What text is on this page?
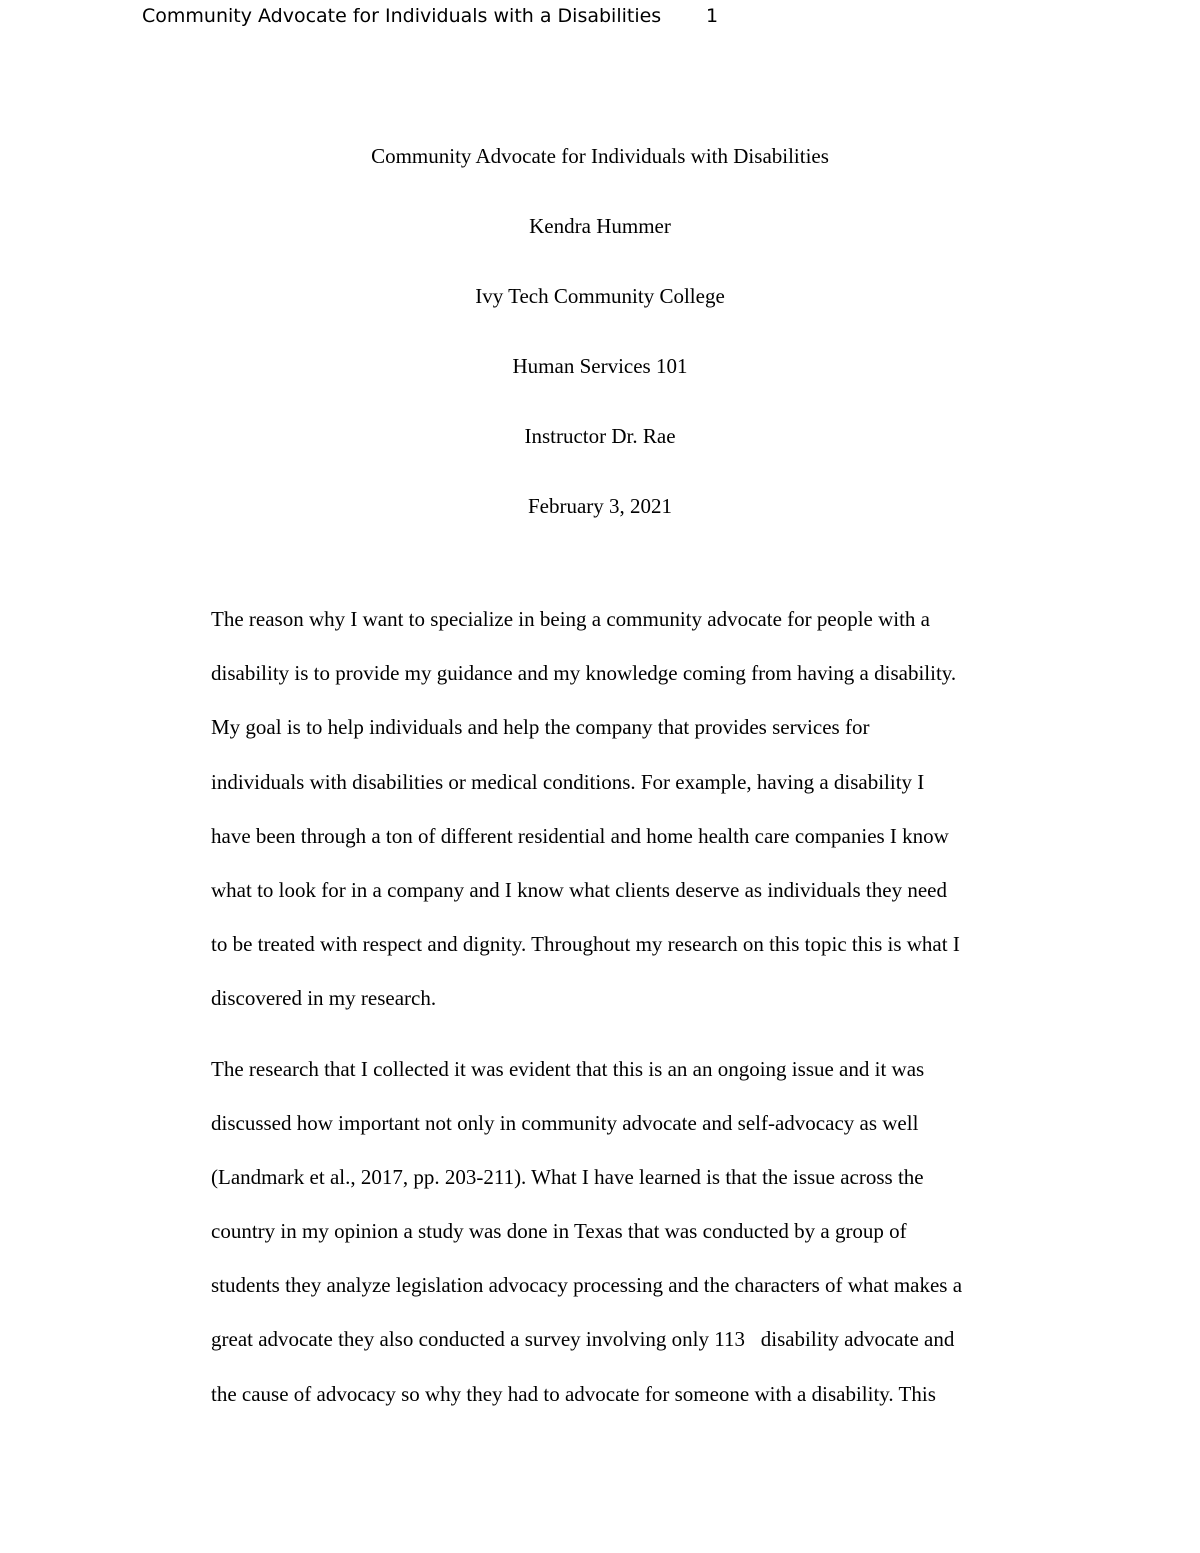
Community Advocate for Individuals with a Disabilities 1
Community Advocate for Individuals with Disabilities
Kendra Hummer
Ivy Tech Community College
Human Services 101
Instructor Dr. Rae
February 3, 2021
The reason why I want to specialize in being a community advocate for people with a
disability is to provide my guidance and my knowledge coming from having a disability.
My goal is to help individuals and help the company that provides services for
individuals with disabilities or medical conditions. For example, having a disability I
have been through a ton of different residential and home health care companies I know
what to look for in a company and I know what clients deserve as individuals they need
to be treated with respect and dignity. Throughout my research on this topic this is what I
discovered in my research.
The research that I collected it was evident that this is an an ongoing issue and it was
discussed how important not only in community advocate and self-advocacy as well
(Landmark et al., 2017, pp. 203-211). What I have learned is that the issue across the
country in my opinion a study was done in Texas that was conducted by a group of
students they analyze legislation advocacy processing and the characters of what makes a
great advocate they also conducted a survey involving only 113   disability advocate and
the cause of advocacy so why they had to advocate for someone with a disability. This
